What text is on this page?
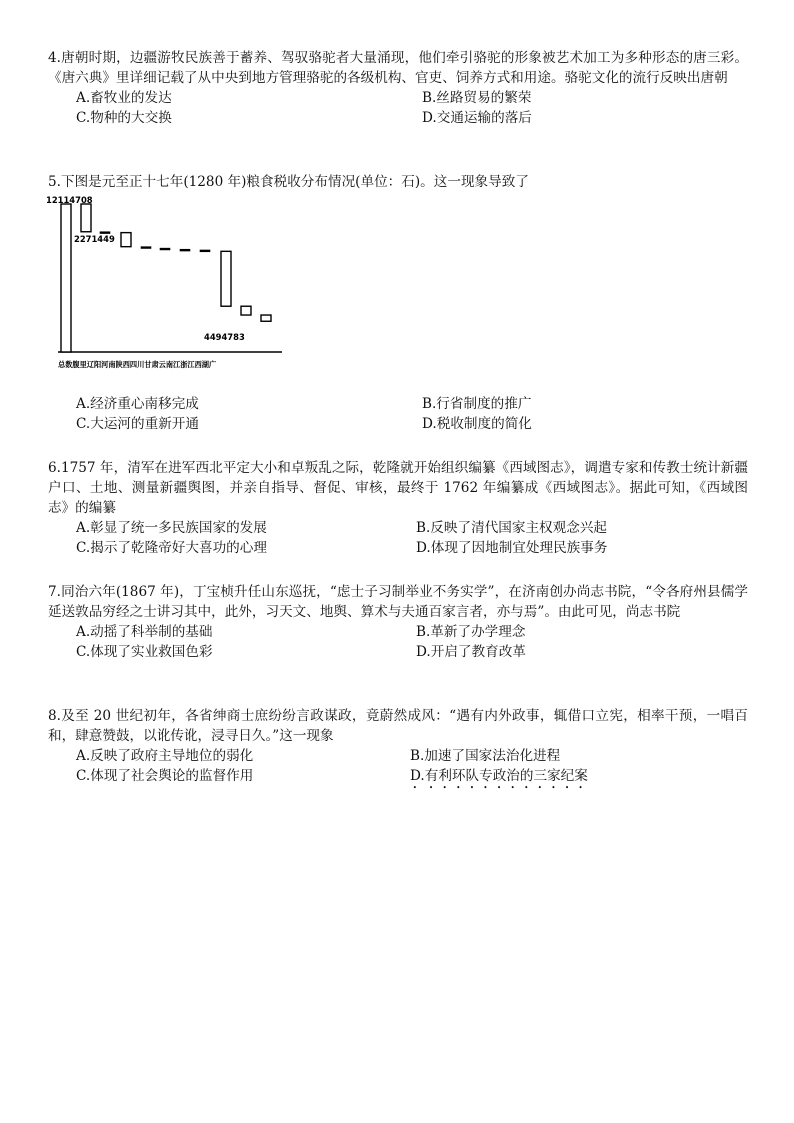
4.唐朝时期，边疆游牧民族善于蓄养、驾驭骆驼者大量涌现，他们牵引骆驼的形象被艺术加工为多种形态的唐三彩。《唐六典》里详细记载了从中央到地方管理骆驼的各级机构、官吏、饲养方式和用途。骆驼文化的流行反映出唐朝

A.畜牧业的发达	B.丝路贸易的繁荣
C.物种的大交换	D.交通运输的落后

5.下图是元至正十七年(1280 年)粮食税收分布情况(单位：石)。这一现象导致了

总数腹里辽阳河南陕西四川甘肃云南江浙江西湖广
12114708
2271449
4494783
A.经济重心南移完成	B.行省制度的推广
C.大运河的重新开通	D.税收制度的简化

6.1757 年，清军在进军西北平定大小和卓叛乱之际，乾隆就开始组织编纂《西域图志》，调遣专家和传教士统计新疆户口、土地、测量新疆舆图，并亲自指导、督促、审核，最终于 1762 年编纂成《西域图志》。据此可知，《西域图志》的编纂

A.彰显了统一多民族国家的发展	B.反映了清代国家主权观念兴起
C.揭示了乾隆帝好大喜功的心理	D.体现了因地制宜处理民族事务

7.同治六年(1867 年)，丁宝桢升任山东巡抚，“虑士子习制举业不务实学”，在济南创办尚志书院，“令各府州县儒学延送敦品穷经之士讲习其中，此外，习天文、地舆、算术与夫通百家言者，亦与焉”。由此可见，尚志书院

A.动摇了科举制的基础	B.革新了办学理念
C.体现了实业救国色彩	D.开启了教育改革

8.及至 20 世纪初年，各省绅商士庶纷纷言政谋政，竟蔚然成风：“遇有内外政事，辄借口立宪，相率干预，一唱百和，肆意赞鼓，以讹传讹，浸寻日久。”这一现象

A.反映了政府主导地位的弱化	B.加速了国家法治化进程
C.体现了社会舆论的监督作用	D.有利环队专政治的三家纪案
